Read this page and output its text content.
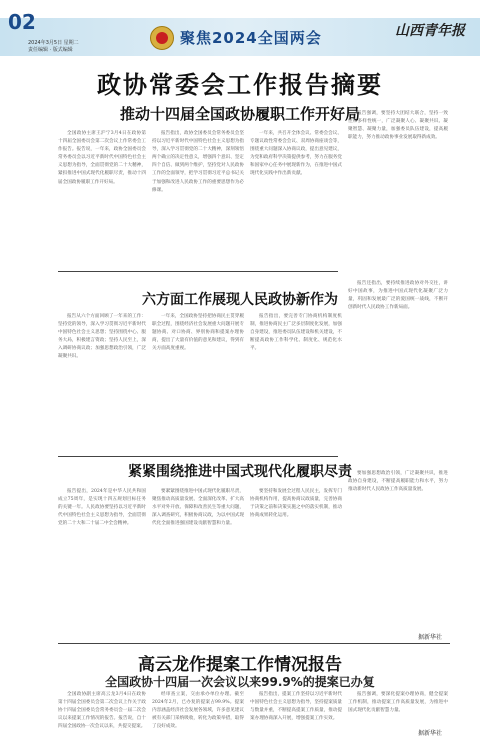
02
2024年3月5日 星期二
责任编辑 · 版式编辑
聚焦2024全国两会	山西青年报
政协常委会工作报告摘要
推动十四届全国政协履职工作开好局

全国政协主席王沪宁3月4日在政协第十四届全国委员会第二次会议上作常委会工作报告。报告说，一年来，政协全国委员会常务委员会以习近平新时代中国特色社会主义思想为指导，全面贯彻党的二十大精神，紧扣推进中国式现代化履职尽责，推动十四届全国政协履职工作开好局。

报告指出，政协全国委员会常务委员会坚持以习近平新时代中国特色社会主义思想为指导，深入学习贯彻党的二十大精神，深刻领悟两个确立的决定性意义，增强四个意识、坚定四个自信、做到两个维护，坚持党对人民政协工作的全面领导，把学习贯彻习近平总书记关于加强和改进人民政协工作的重要思想作为必修课。

一年来，共召开全体会议、常委会会议、专题议政性常委会会议、双周协商座谈会等，围绕重大问题深入协商议政，提出意见建议，为党和政府科学决策提供参考，努力在服务党和国家中心任务中展现新作为，在推进中国式现代化实践中作出新贡献。

报告强调，要坚持大团结大联合，坚持一致性和多样性统一，广泛凝聚人心、凝聚共识、凝聚智慧、凝聚力量，加强委员队伍建设，提高履职能力，努力推动政协事业发展取得新成效。

六方面工作展现人民政协新作为

报告从六个方面回顾了一年来的工作：坚持党的领导，深入学习贯彻习近平新时代中国特色社会主义思想；坚持围绕中心、服务大局，积极建言资政；坚持人民至上，深入调研协商议政；加强思想政治引领，广泛凝聚共识。

一年来，全国政协坚持把协商民主贯穿履职全过程，围绕经济社会发展重大问题开展专题协商、对口协商、界别协商和提案办理协商，提出了大量有价值的意见和建议，得到有关方面高度重视。

报告指出，要完善专门协商机构制度机制，推进协商民主广泛多层制度化发展，加强自身建设，推进委员队伍建设和机关建设，不断提高政协工作科学化、制度化、规范化水平。

报告还指出，要持续推进政协对外交往，讲好中国故事，为推进中国式现代化凝聚广泛力量，巩固和发展最广泛的爱国统一战线，不断开创新时代人民政协工作新局面。

紧紧围绕推进中国式现代化履职尽责

报告提出，2024年是中华人民共和国成立75周年，是实现十四五规划目标任务的关键一年。人民政协要坚持以习近平新时代中国特色社会主义思想为指导，全面贯彻党的二十大和二十届二中全会精神。

要紧紧围绕推进中国式现代化履职尽责，聚焦推动高质量发展、全面深化改革、扩大高水平对外开放、保障和改善民生等重大问题，深入调查研究，积极协商议政，为以中国式现代化全面推进强国建设贡献智慧和力量。

要坚持和发展全过程人民民主，发挥专门协商机构作用，提高协商议政质量，完善协商于决策之前和决策实施之中的落实机制，推动协商成果转化运用。

要加强思想政治引领，广泛凝聚共识，推进政协自身建设，不断提高履职能力和水平，努力推动新时代人民政协工作高质量发展。

据新华社
高云龙作提案工作情况报告
全国政协十四届一次会议以来99.9%的提案已办复

全国政协副主席高云龙3月4日在政协第十四届全国委员会第二次会议上作关于政协十四届全国委员会常务委员会一届二次会议以来提案工作情况的报告。报告说，自十四届全国政协一次会议以来，共提交提案。

经审查立案，交由承办单位办理。截至2024年2月，已办复的提案占99.9%。提案内容涵盖经济社会发展各领域，许多意见建议被有关部门采纳吸收，转化为政策举措，取得了良好成效。

报告指出，提案工作坚持以习近平新时代中国特色社会主义思想为指导，坚持提案质量与数量并重，不断提高提案工作质量，推动提案办理协商深入开展，增强提案工作实效。

报告强调，要深化提案办理协商，健全提案工作机制，推动提案工作高质量发展，为推进中国式现代化贡献智慧力量。

据新华社
